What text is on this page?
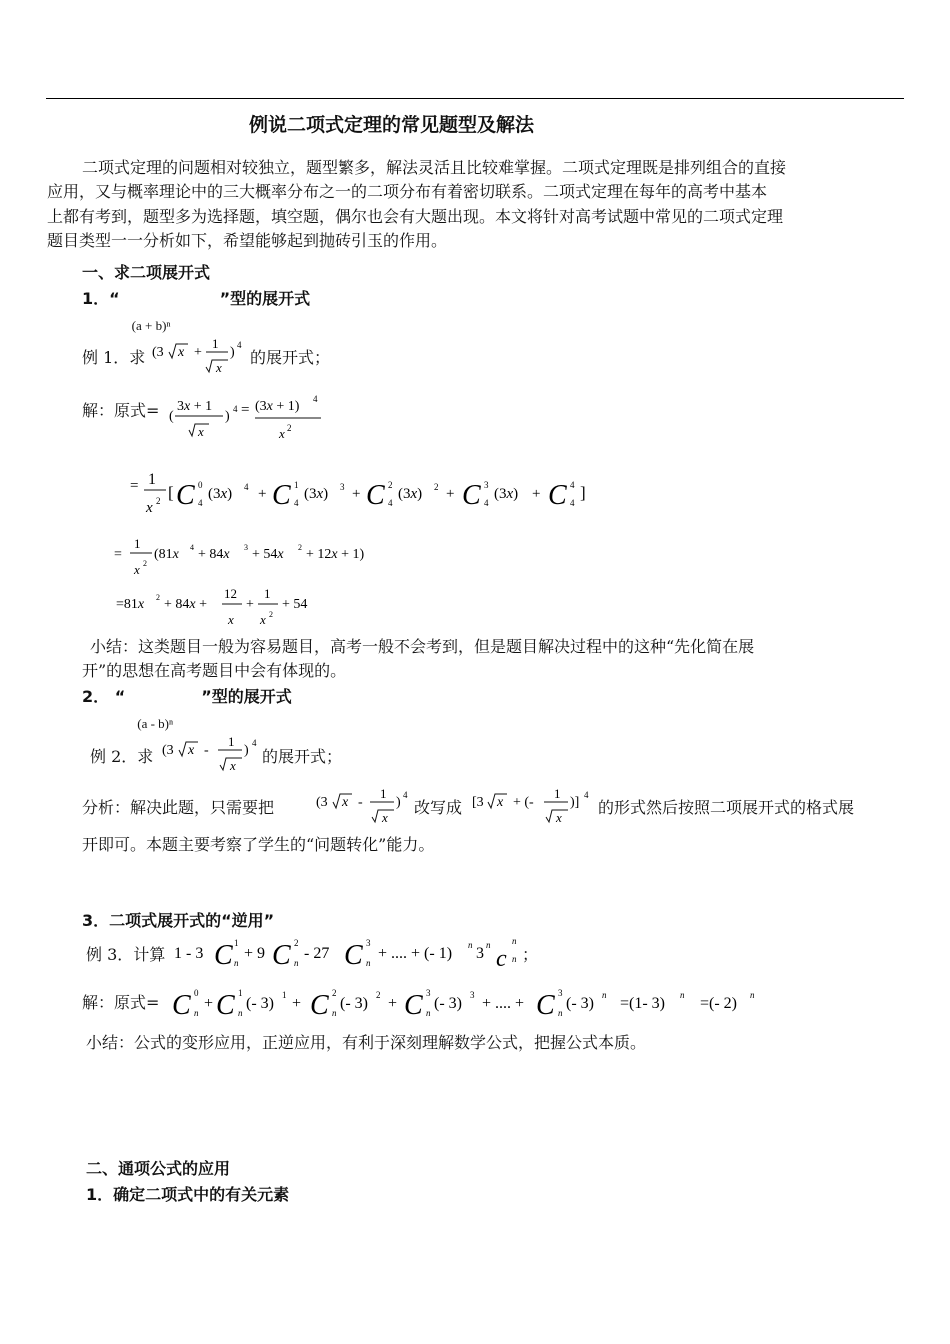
例说二项式定理的常见题型及解法
二项式定理的问题相对较独立，题型繁多，解法灵活且比较难掌握。二项式定理既是排列组合的直接
应用，又与概率理论中的三大概率分布之一的二项分布有着密切联系。二项式定理在每年的高考中基本
上都有考到，题型多为选择题，填空题，偶尔也会有大题出现。本文将针对高考试题中常见的二项式定理
题目类型一一分析如下，希望能够起到抛砖引玉的作用。
一、求二项展开式
1．“
(a + b)ⁿ
”型的展开式
例 1．求 (3 x +
1
x
) 4
的展开式；
解：原式= (
3x + 1
x
) 4 = (3x + 1) 4
x 2
= 1
x 2 [ C 0
4
(3x) 4 + C 1
4
(3x) 3 + C 2
4
(3x) 2 + C 3
4
(3x) + C 4
4
]
=
1
x 2
(81x 4 + 84x 3 + 54x 2 + 12x + 1)
=81x 2 + 84x +
12
x
+
1
x 2
+ 54
小结：这类题目一般为容易题目，高考一般不会考到，但是题目解决过程中的这种“先化简在展
开”的思想在高考题目中会有体现的。
2． “
(a - b)ⁿ
”型的展开式
例 2．求 (3 x -
1
x
) 4
的展开式；
分析：解决此题，只需要把	(3 x -
1
x
) 4
改写成 [3 x + (-
1
x
)] 4
的形式然后按照二项展开式的格式展
开即可。本题主要考察了学生的“问题转化”能力。
3．二项式展开式的“逆用”
例 3．计算 1 - 3 C 1
n
+ 9 C 2
n
- 27 C 3
n
+ .... + (- 1) n 3 n
c
n
n ；
解：原式= C 0
n
+ C 1
n
(- 3) 1 + C 2
n
(- 3) 2 + C 3
n
(- 3) 3 + .... + C 3
n
(- 3) n =(1- 3) n =(- 2) n
小结：公式的变形应用，正逆应用，有利于深刻理解数学公式，把握公式本质。
二、通项公式的应用
1．确定二项式中的有关元素
